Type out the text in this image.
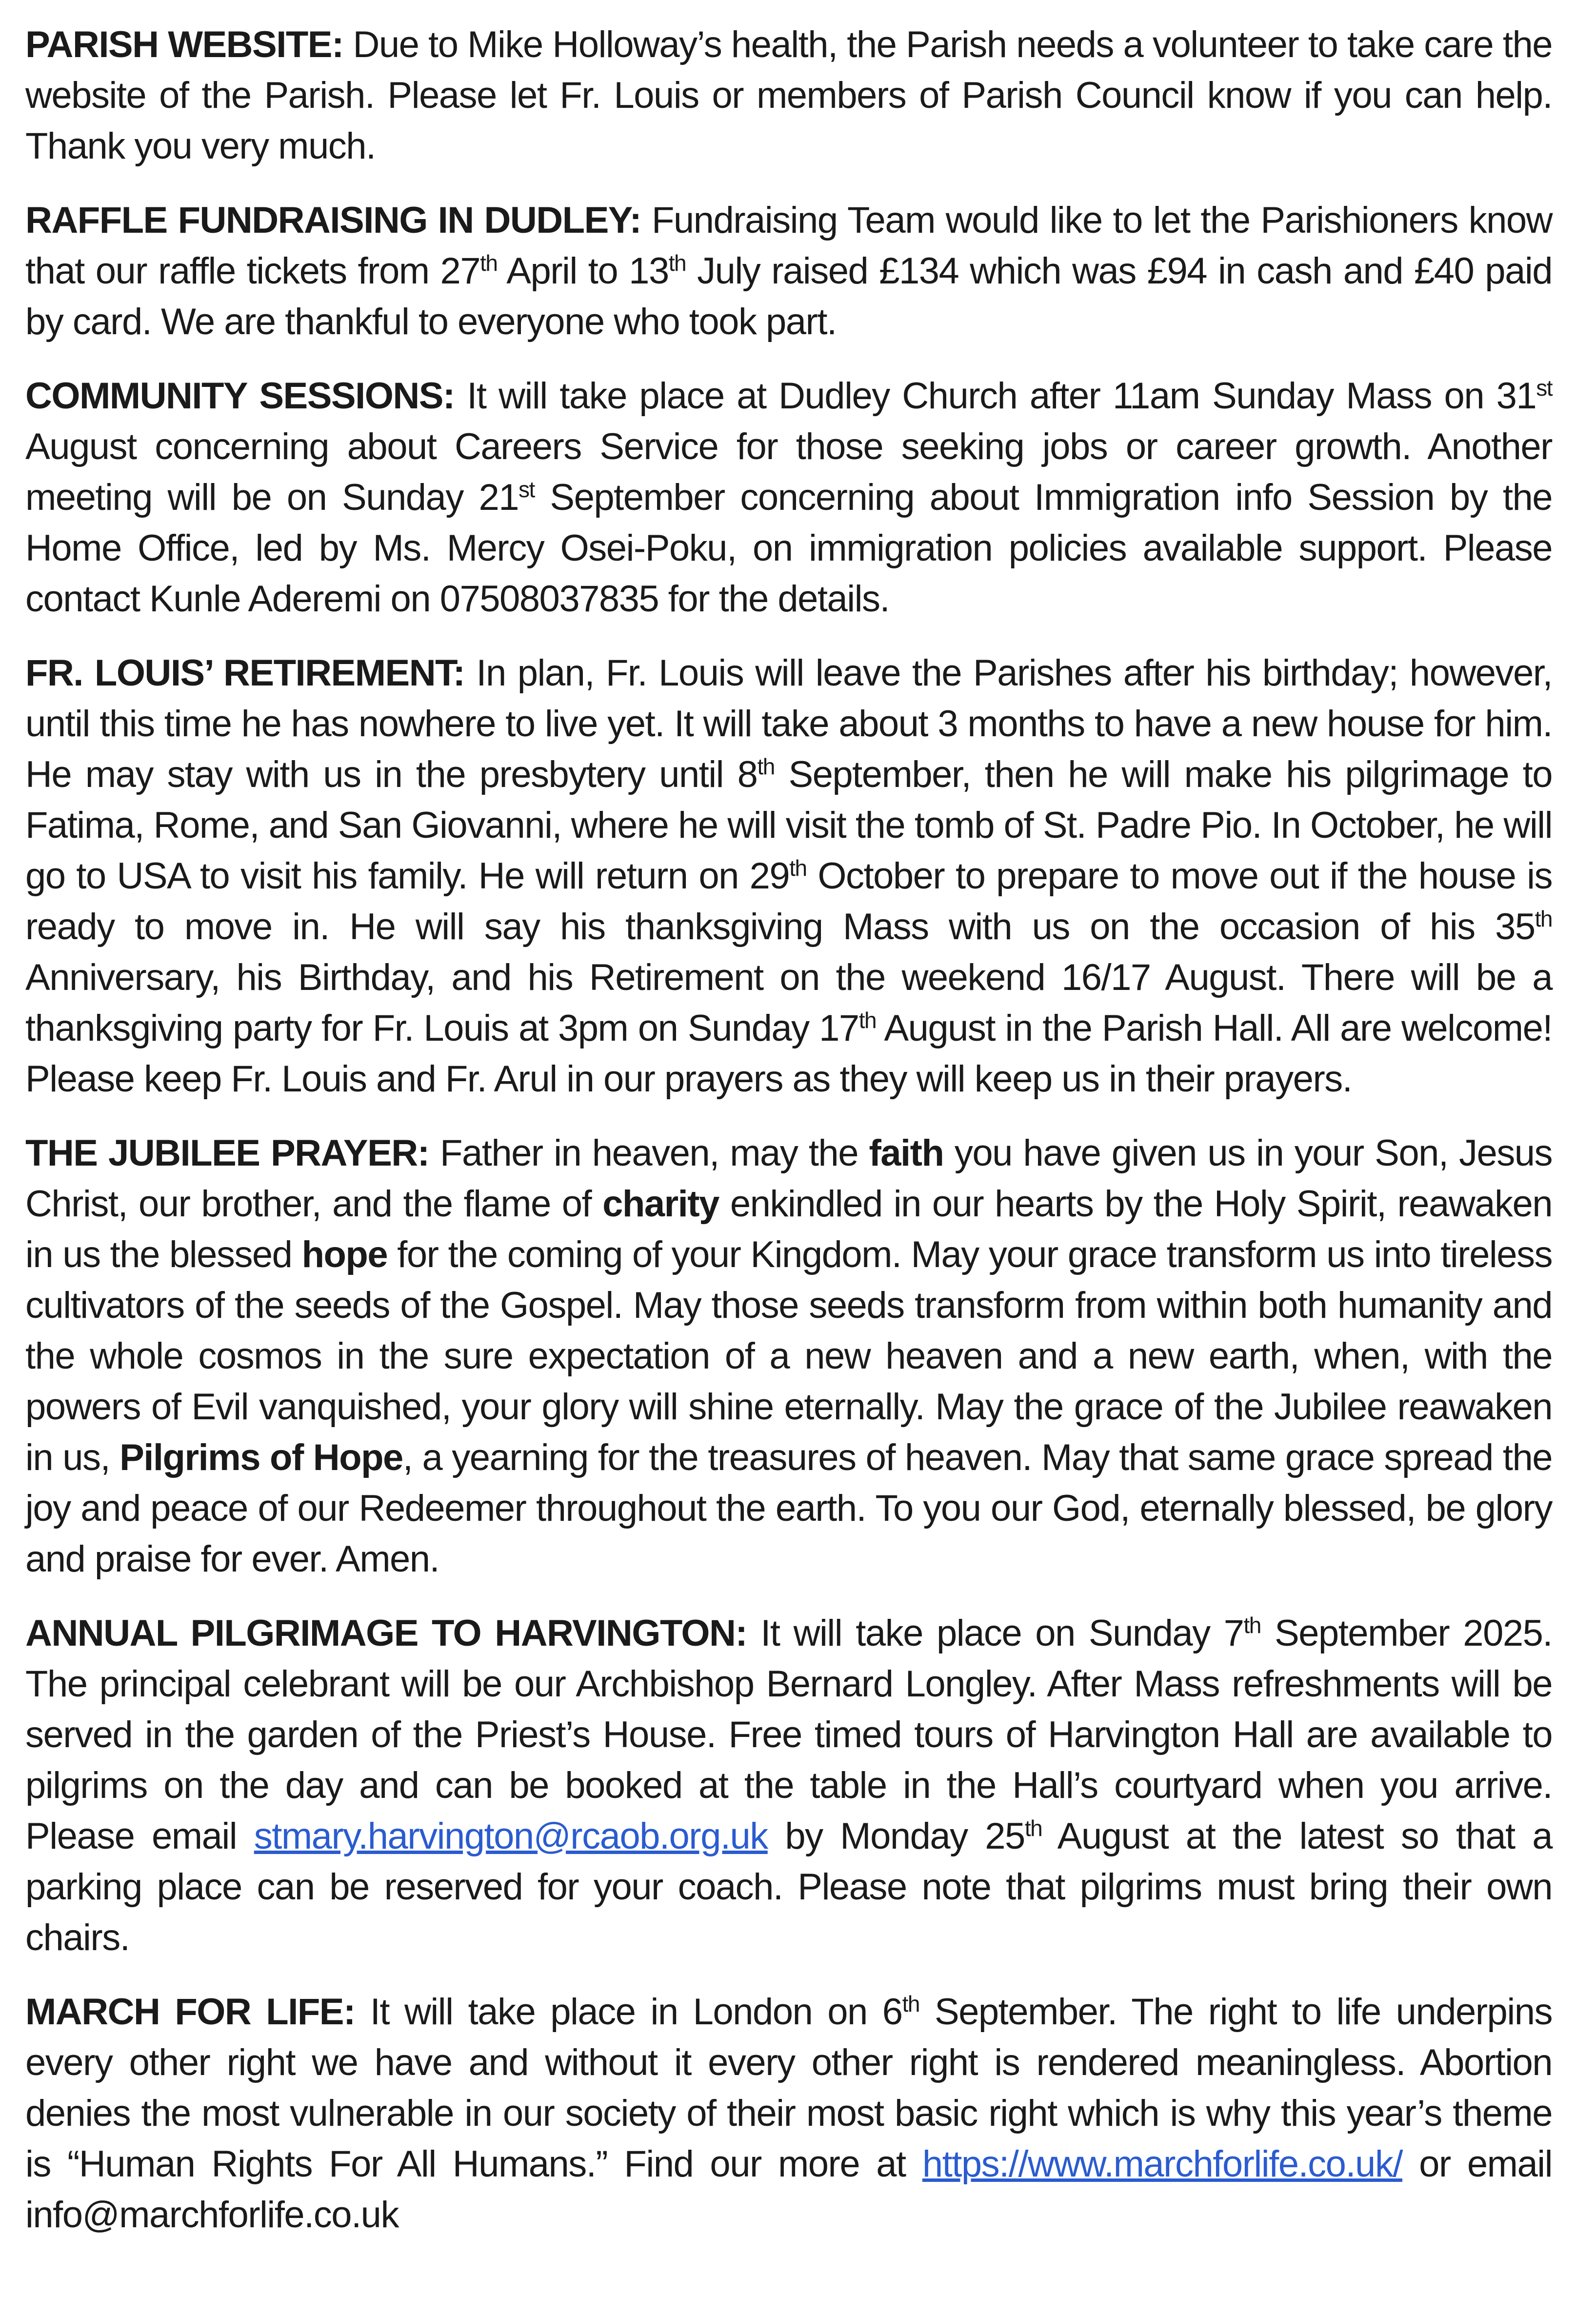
PARISH WEBSITE: Due to Mike Holloway’s health, the Parish needs a volunteer to take care the website of the Parish. Please let Fr. Louis or members of Parish Council know if you can help. Thank you very much.

RAFFLE FUNDRAISING IN DUDLEY: Fundraising Team would like to let the Parishioners know that our raffle tickets from 27th April to 13th July raised £134 which was £94 in cash and £40 paid by card. We are thankful to everyone who took part.

COMMUNITY SESSIONS: It will take place at Dudley Church after 11am Sunday Mass on 31st August concerning about Careers Service for those seeking jobs or career growth. Another meeting will be on Sunday 21st September concerning about Immigration info Session by the Home Office, led by Ms. Mercy Osei-Poku, on immigration policies available support. Please contact Kunle Aderemi on 07508037835 for the details.

FR. LOUIS’ RETIREMENT: In plan, Fr. Louis will leave the Parishes after his birthday; however, until this time he has nowhere to live yet. It will take about 3 months to have a new house for him. He may stay with us in the presbytery until 8th September, then he will make his pilgrimage to Fatima, Rome, and San Giovanni, where he will visit the tomb of St. Padre Pio. In October, he will go to USA to visit his family. He will return on 29th October to prepare to move out if the house is ready to move in. He will say his thanksgiving Mass with us on the occasion of his 35th Anniversary, his Birthday, and his Retirement on the weekend 16/17 August. There will be a thanksgiving party for Fr. Louis at 3pm on Sunday 17th August in the Parish Hall. All are welcome! Please keep Fr. Louis and Fr. Arul in our prayers as they will keep us in their prayers.

THE JUBILEE PRAYER: Father in heaven, may the faith you have given us in your Son, Jesus Christ, our brother, and the flame of charity enkindled in our hearts by the Holy Spirit, reawaken in us the blessed hope for the coming of your Kingdom. May your grace transform us into tireless cultivators of the seeds of the Gospel. May those seeds transform from within both humanity and the whole cosmos in the sure expectation of a new heaven and a new earth, when, with the powers of Evil vanquished, your glory will shine eternally. May the grace of the Jubilee reawaken in us, Pilgrims of Hope, a yearning for the treasures of heaven. May that same grace spread the joy and peace of our Redeemer throughout the earth. To you our God, eternally blessed, be glory and praise for ever. Amen.

ANNUAL PILGRIMAGE TO HARVINGTON: It will take place on Sunday 7th September 2025. The principal celebrant will be our Archbishop Bernard Longley. After Mass refreshments will be served in the garden of the Priest’s House. Free timed tours of Harvington Hall are available to pilgrims on the day and can be booked at the table in the Hall’s courtyard when you arrive. Please email stmary.harvington@rcaob.org.uk by Monday 25th August at the latest so that a parking place can be reserved for your coach. Please note that pilgrims must bring their own chairs.

MARCH FOR LIFE: It will take place in London on 6th September. The right to life underpins every other right we have and without it every other right is rendered meaningless. Abortion denies the most vulnerable in our society of their most basic right which is why this year’s theme is “Human Rights For All Humans.” Find our more at https://www.marchforlife.co.uk/ or email info@marchforlife.co.uk
